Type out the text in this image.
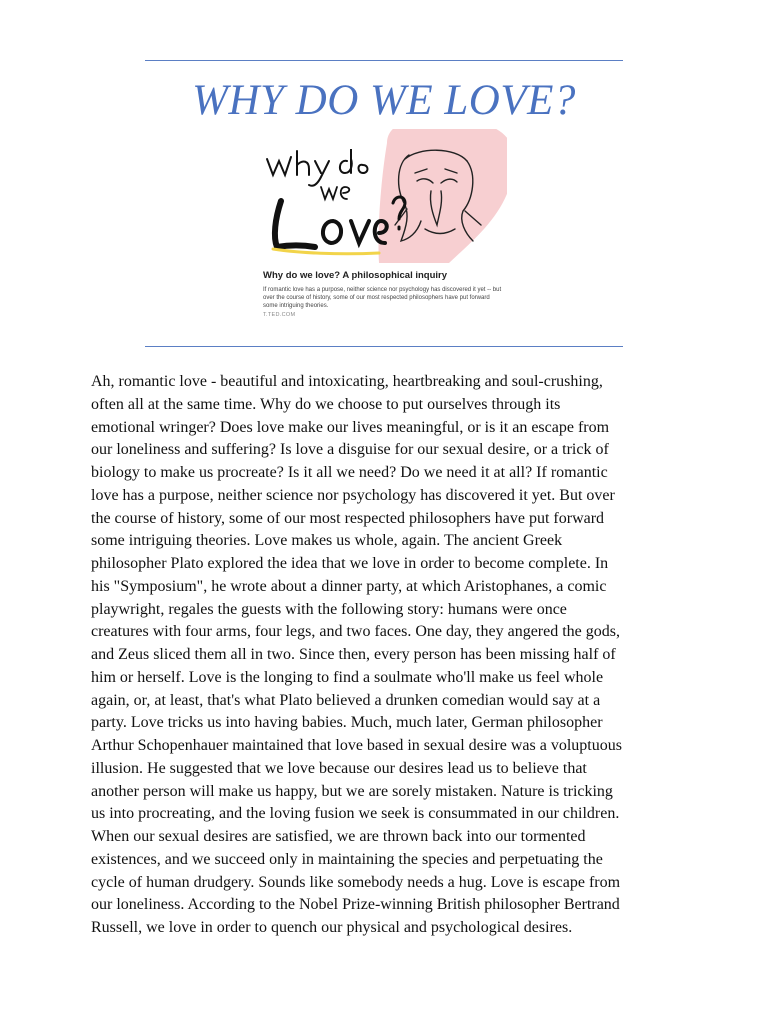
WHY DO WE LOVE?
why do we Love?
Why do we love? A philosophical inquiry
If romantic love has a purpose, neither science nor psychology has discovered it yet -- but over the course of history, some of our most respected philosophers have put forward some intriguing theories.
T.TED.COM
Ah, romantic love - beautiful and intoxicating, heartbreaking and soul-crushing,
often all at the same time. Why do we choose to put ourselves through its
emotional wringer? Does love make our lives meaningful, or is it an escape from
our loneliness and suffering? Is love a disguise for our sexual desire, or a trick of
biology to make us procreate? Is it all we need? Do we need it at all? If romantic
love has a purpose, neither science nor psychology has discovered it yet. But over
the course of history, some of our most respected philosophers have put forward
some intriguing theories. Love makes us whole, again. The ancient Greek
philosopher Plato explored the idea that we love in order to become complete. In
his "Symposium", he wrote about a dinner party, at which Aristophanes, a comic
playwright, regales the guests with the following story: humans were once
creatures with four arms, four legs, and two faces. One day, they angered the gods,
and Zeus sliced them all in two. Since then, every person has been missing half of
him or herself. Love is the longing to find a soulmate who'll make us feel whole
again, or, at least, that's what Plato believed a drunken comedian would say at a
party. Love tricks us into having babies. Much, much later, German philosopher
Arthur Schopenhauer maintained that love based in sexual desire was a voluptuous
illusion. He suggested that we love because our desires lead us to believe that
another person will make us happy, but we are sorely mistaken. Nature is tricking
us into procreating, and the loving fusion we seek is consummated in our children.
When our sexual desires are satisfied, we are thrown back into our tormented
existences, and we succeed only in maintaining the species and perpetuating the
cycle of human drudgery. Sounds like somebody needs a hug. Love is escape from
our loneliness. According to the Nobel Prize-winning British philosopher Bertrand
Russell, we love in order to quench our physical and psychological desires.
